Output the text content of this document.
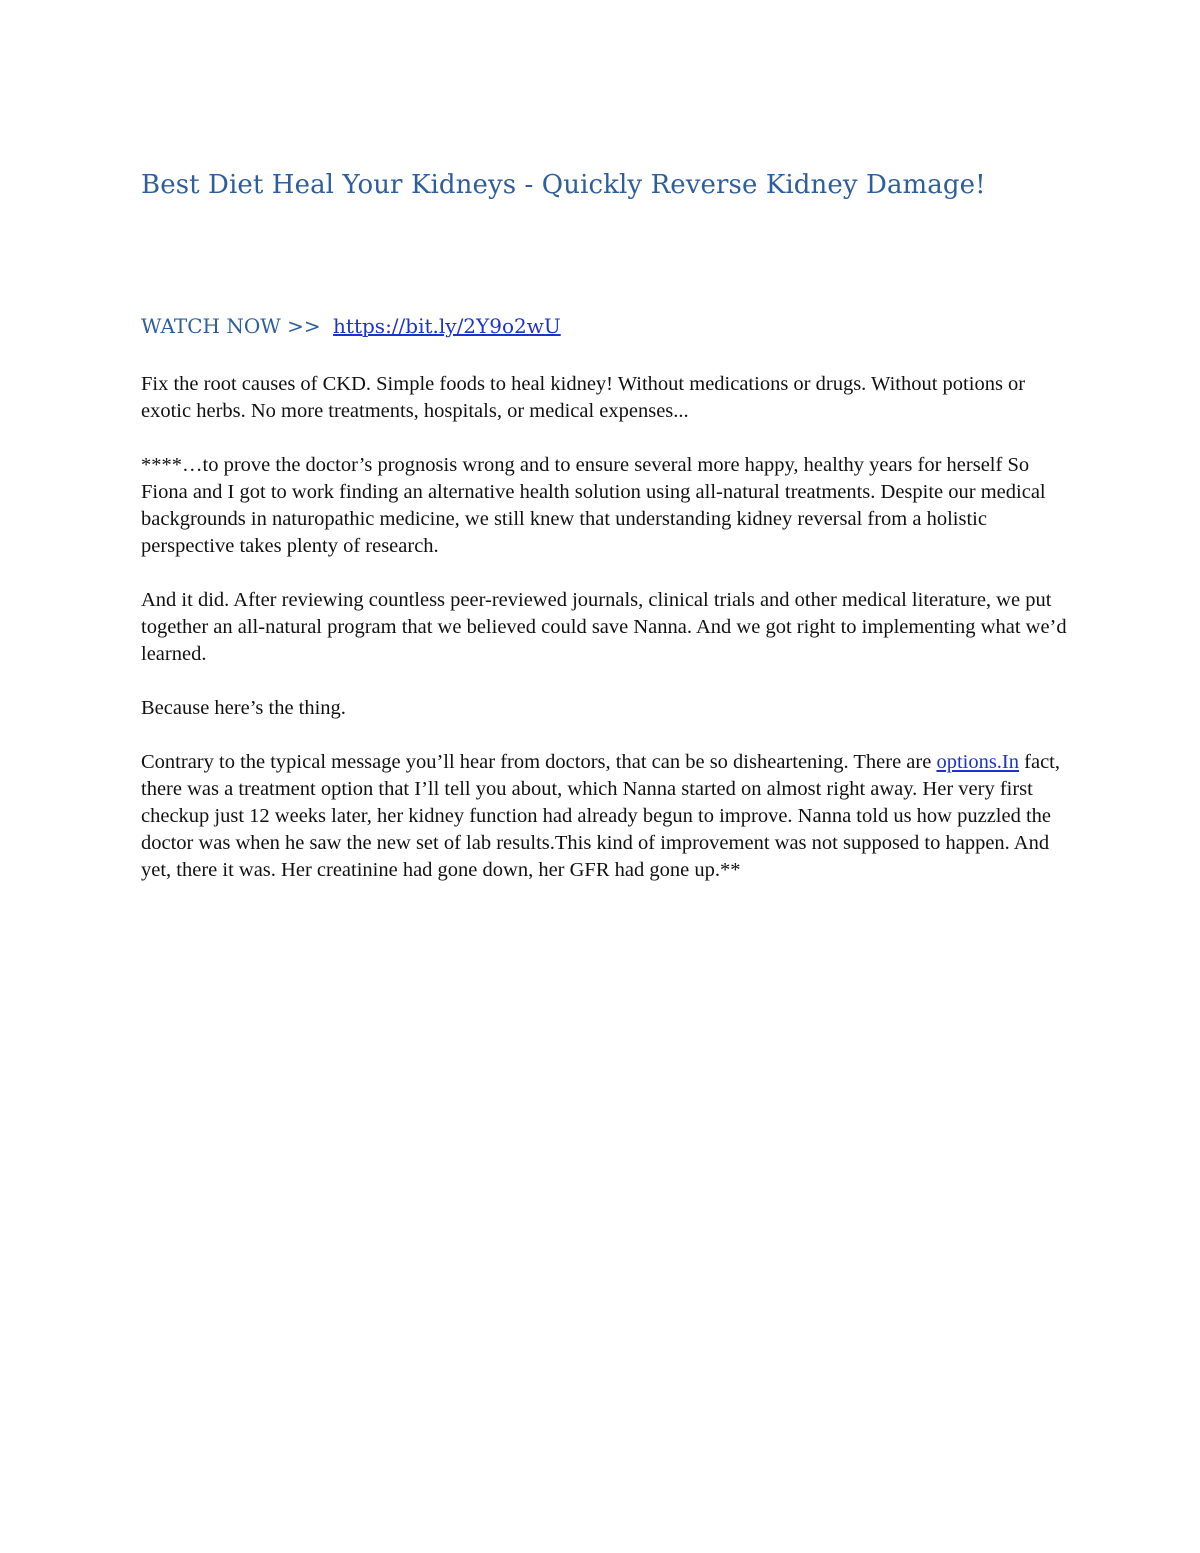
Best Diet Heal Your Kidneys - Quickly Reverse Kidney Damage!
WATCH NOW >> https://bit.ly/2Y9o2wU

Fix the root causes of CKD. Simple foods to heal kidney! Without medications or drugs. Without potions or exotic herbs. No more treatments, hospitals, or medical expenses...

****…to prove the doctor’s prognosis wrong and to ensure several more happy, healthy years for herself So Fiona and I got to work finding an alternative health solution using all-natural treatments. Despite our medical backgrounds in naturopathic medicine, we still knew that understanding kidney reversal from a holistic perspective takes plenty of research.

And it did. After reviewing countless peer-reviewed journals, clinical trials and other medical literature, we put together an all-natural program that we believed could save Nanna. And we got right to implementing what we’d learned.

Because here’s the thing.

Contrary to the typical message you’ll hear from doctors, that can be so disheartening. There are options.In fact, there was a treatment option that I’ll tell you about, which Nanna started on almost right away. Her very first checkup just 12 weeks later, her kidney function had already begun to improve. Nanna told us how puzzled the doctor was when he saw the new set of lab results.This kind of improvement was not supposed to happen. And yet, there it was. Her creatinine had gone down, her GFR had gone up.**
